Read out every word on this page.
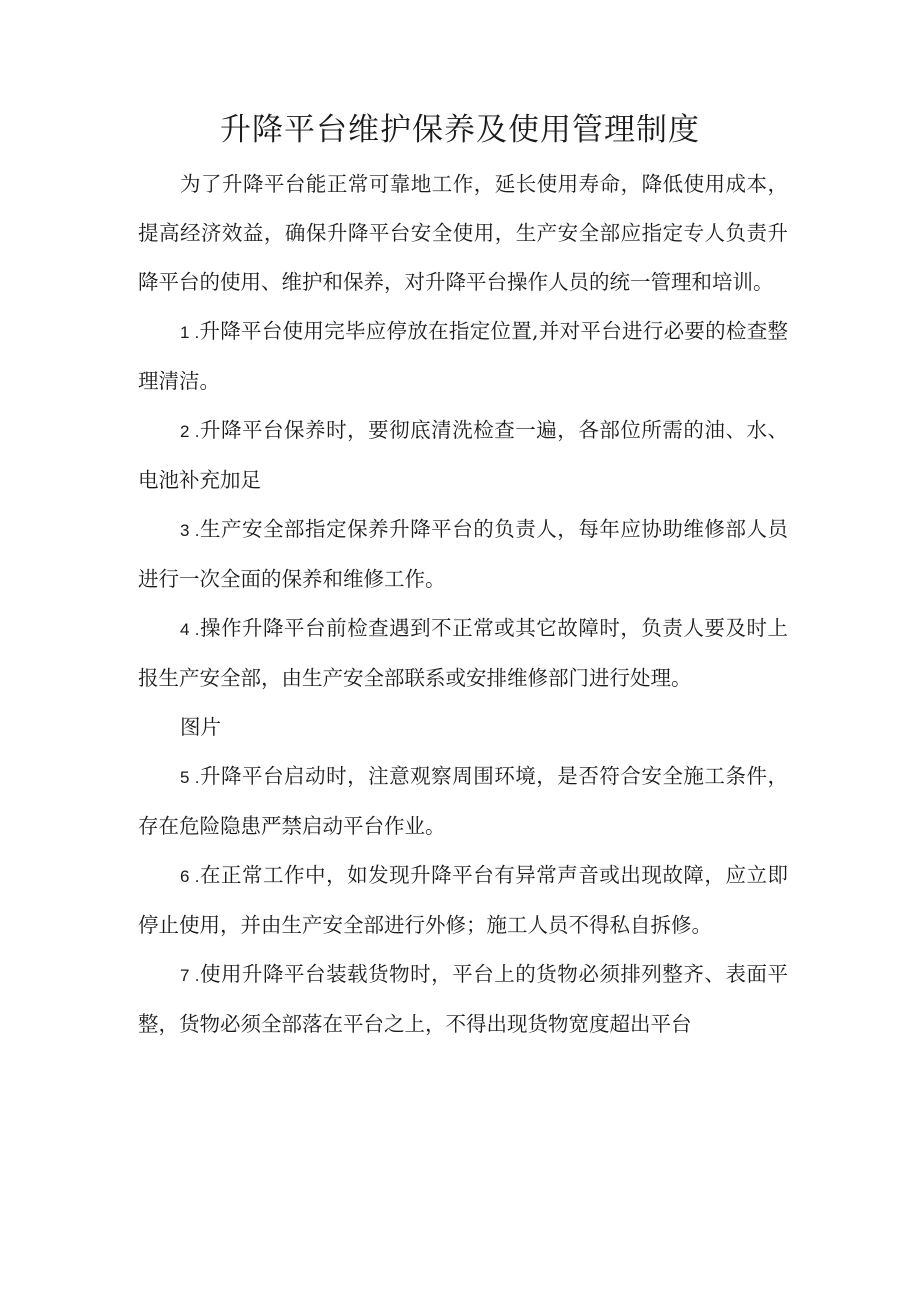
升降平台维护保养及使用管理制度

为了升降平台能正常可靠地工作，延长使用寿命，降低使用成本，提高经济效益，确保升降平台安全使用，生产安全部应指定专人负责升降平台的使用、维护和保养，对升降平台操作人员的统一管理和培训。

1 .升降平台使用完毕应停放在指定位置,并对平台进行必要的检查整理清洁。

2 .升降平台保养时，要彻底清洗检查一遍，各部位所需的油、水、电池补充加足

3 .生产安全部指定保养升降平台的负责人，每年应协助维修部人员进行一次全面的保养和维修工作。

4 .操作升降平台前检查遇到不正常或其它故障时，负责人要及时上报生产安全部，由生产安全部联系或安排维修部门进行处理。

图片

5 .升降平台启动时，注意观察周围环境，是否符合安全施工条件，存在危险隐患严禁启动平台作业。

6 .在正常工作中，如发现升降平台有异常声音或出现故障，应立即停止使用，并由生产安全部进行外修；施工人员不得私自拆修。

7 .使用升降平台装载货物时，平台上的货物必须排列整齐、表面平整，货物必须全部落在平台之上，不得出现货物宽度超出平台
